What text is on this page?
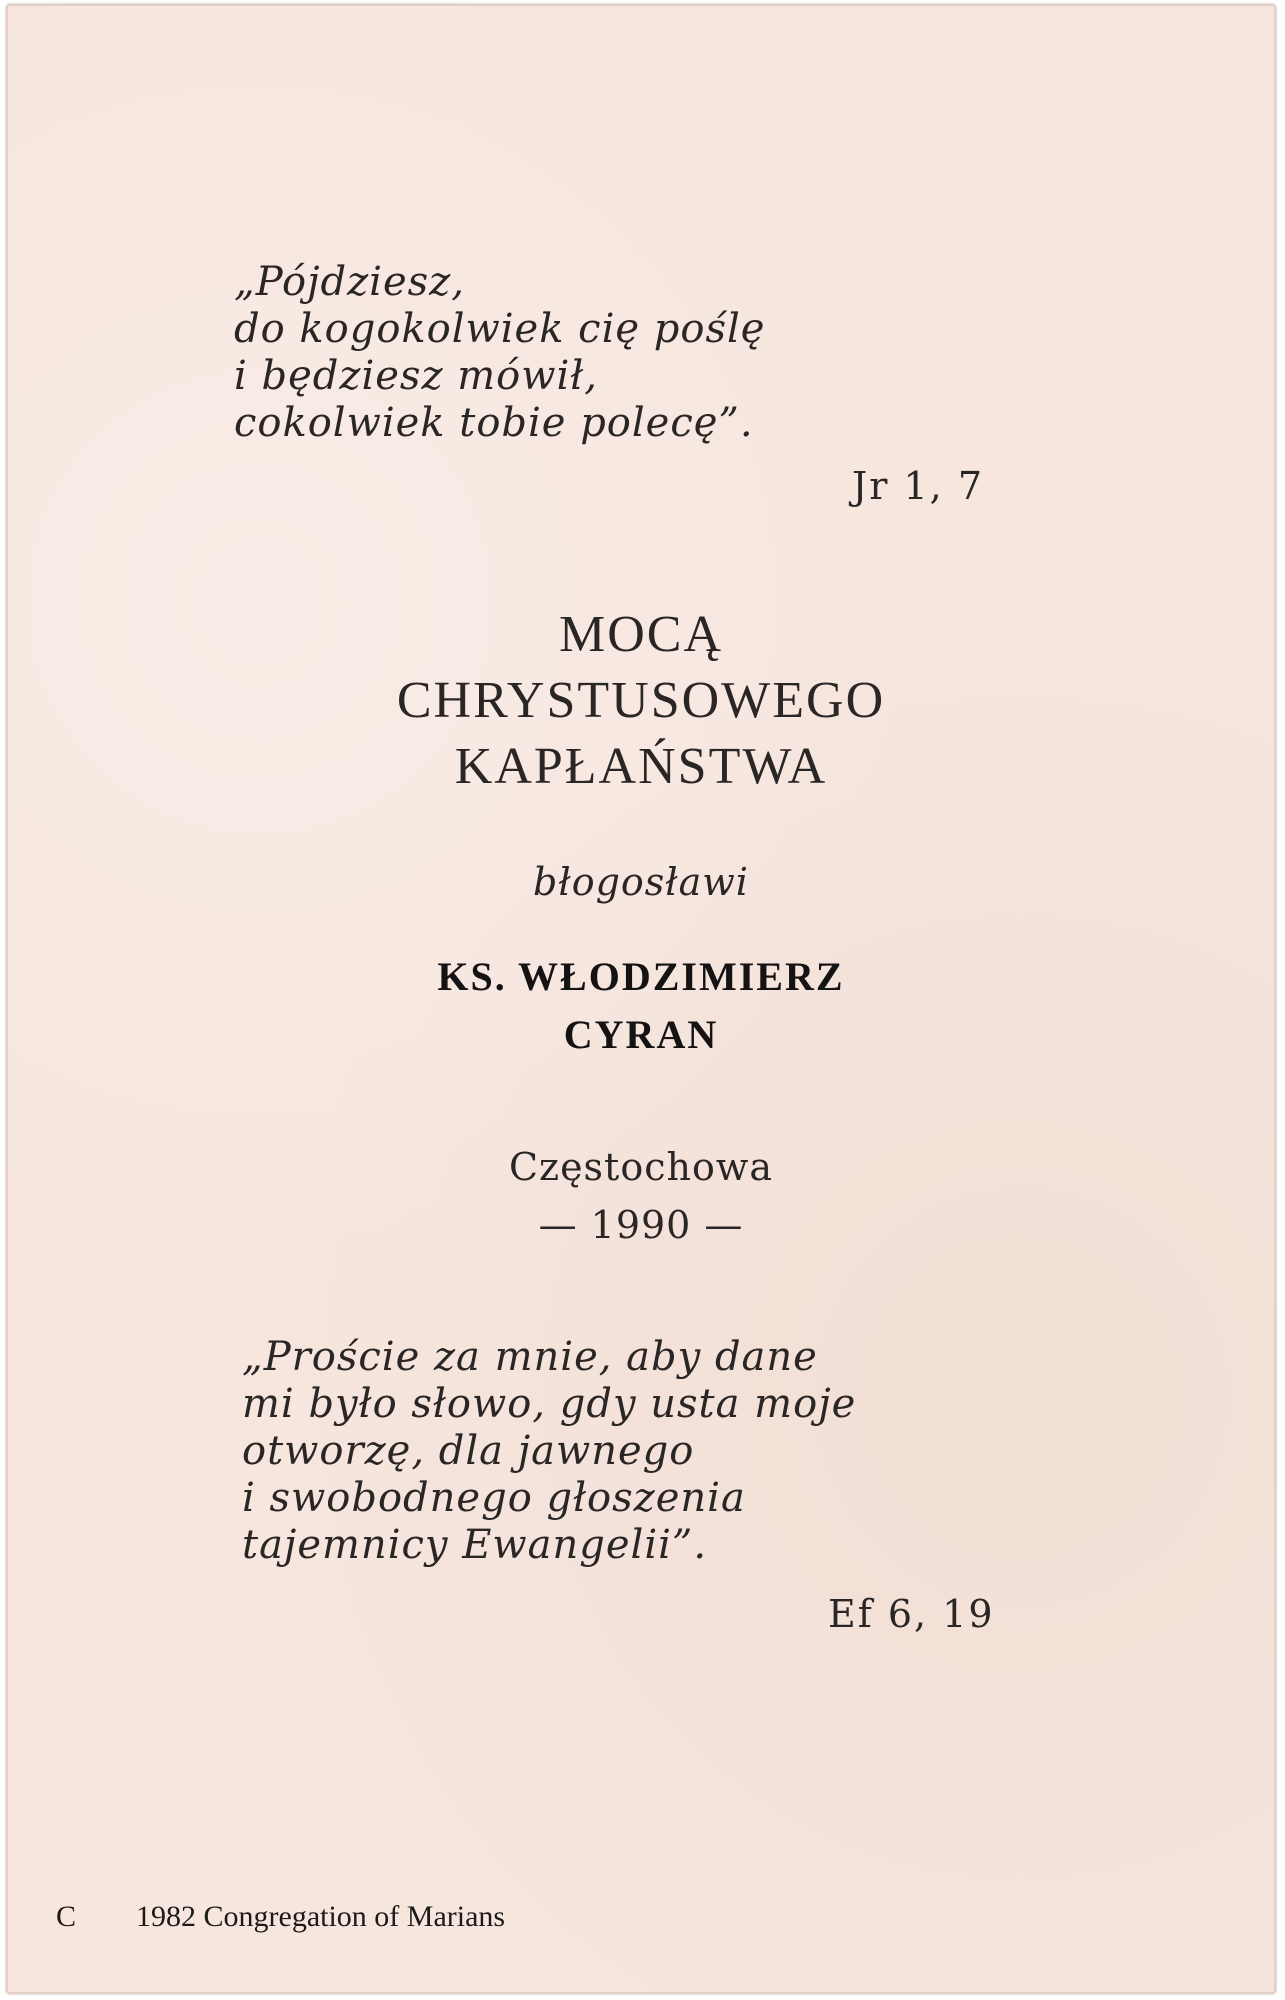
„Pójdziesz,
do kogokolwiek cię poślę
i będziesz mówił,
cokolwiek tobie polecę”.
Jr 1, 7
MOCĄ
CHRYSTUSOWEGO
KAPŁAŃSTWA
błogosławi
KS. WŁODZIMIERZ
CYRAN
Częstochowa
— 1990 —
„Proście za mnie, aby dane
mi było słowo, gdy usta moje
otworzę, dla jawnego
i swobodnego głoszenia
tajemnicy Ewangelii”.
Ef 6, 19
C 1982 Congregation of Marians
